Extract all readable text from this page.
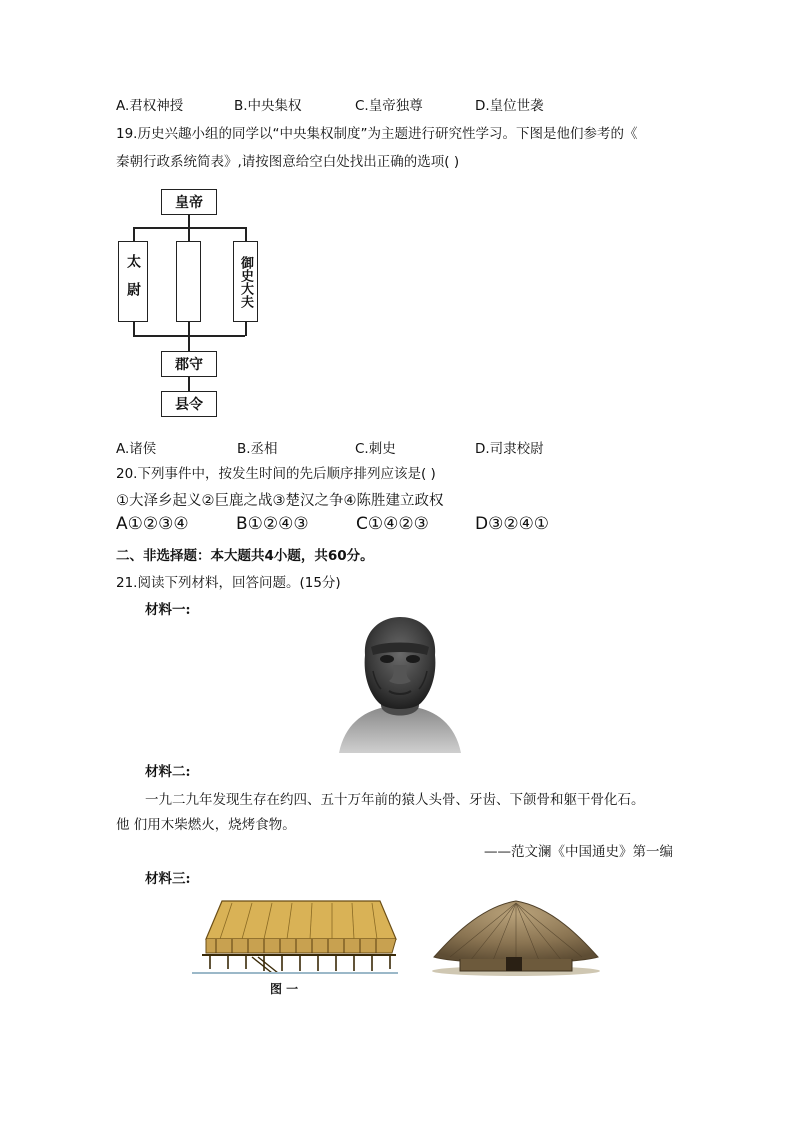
A.君权神授	B.中央集权	C.皇帝独尊	D.皇位世袭
19.历史兴趣小组的同学以“中央集权制度”为主题进行研究性学习。下图是他们参考的《
秦朝行政系统简表》,请按图意给空白处找出正确的选项( )
皇帝
太尉	御史大夫
郡守
县令
A.诸侯	B.丞相	C.刺史	D.司隶校尉
20.下列事件中，按发生时间的先后顺序排列应该是( )
①大泽乡起义②巨鹿之战③楚汉之争④陈胜建立政权
A①②③④	B①②④③	C①④②③	D③②④①
二、非选择题：本大题共4小题，共60分。
21.阅读下列材料，回答问题。(15分)
材料一:
材料二:
一九二九年发现生存在约四、五十万年前的猿人头骨、牙齿、下颌骨和躯干骨化石。
他 们用木柴燃火，烧烤食物。
——范文澜《中国通史》第一编
材料三:
图 一
